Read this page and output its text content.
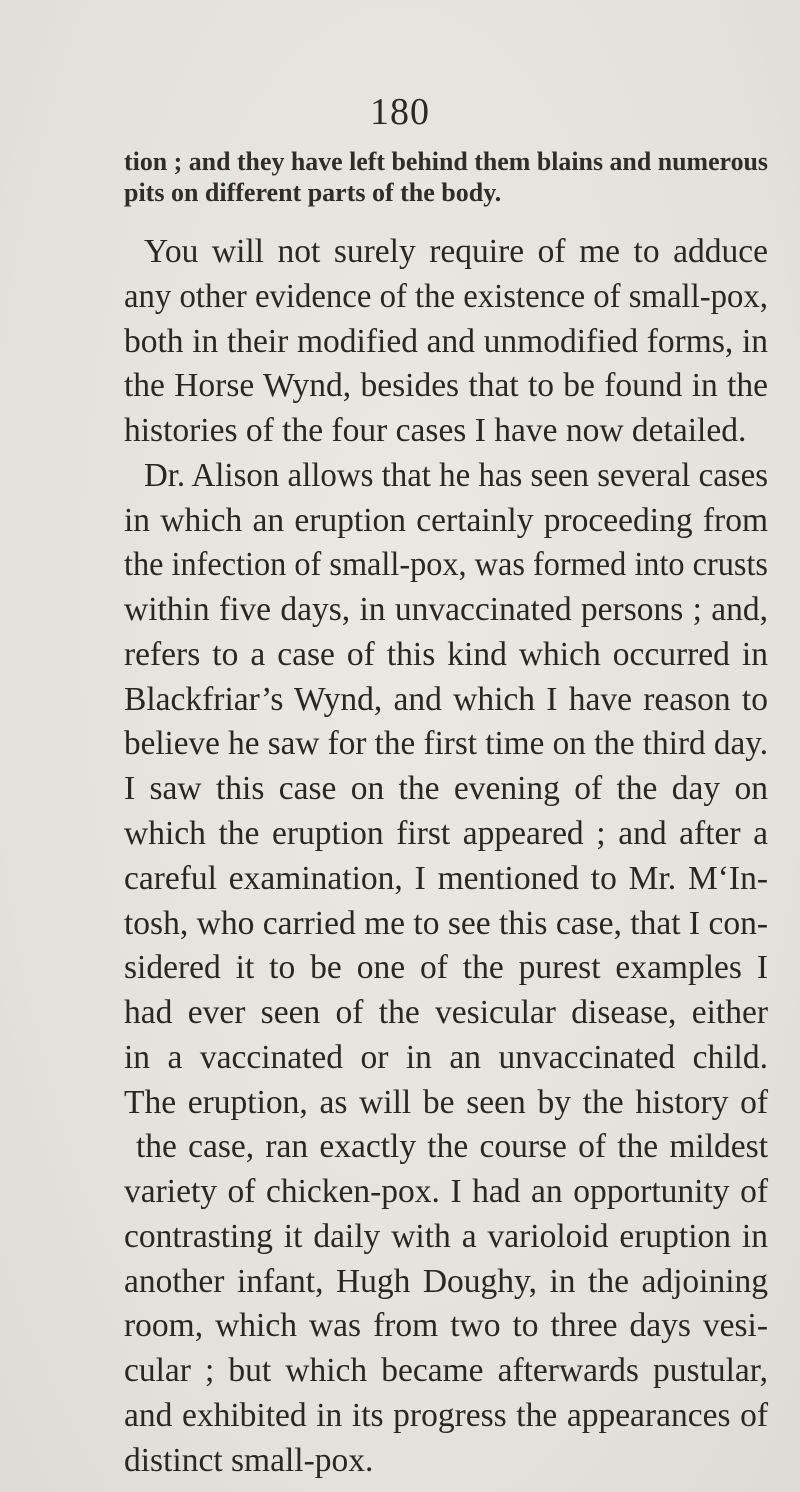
180
tion ; and they have left behind them blains and numerous
pits on different parts of the body.
You will not surely require of me to adduce
any other evidence of the existence of small-pox,
both in their modified and unmodified forms, in
the Horse Wynd, besides that to be found in the
histories of the four cases I have now detailed.
Dr. Alison allows that he has seen several cases
in which an eruption certainly proceeding from
the infection of small-pox, was formed into crusts
within five days, in unvaccinated persons ; and,
refers to a case of this kind which occurred in
Blackfriar’s Wynd, and which I have reason to
believe he saw for the first time on the third day.
I saw this case on the evening of the day on
which the eruption first appeared ; and after a
careful examination, I mentioned to Mr. M‘In-
tosh, who carried me to see this case, that I con-
sidered it to be one of the purest examples I
had ever seen of the vesicular disease, either
in a vaccinated or in an unvaccinated child.
The eruption, as will be seen by the history of
the case, ran exactly the course of the mildest
variety of chicken-pox. I had an opportunity of
contrasting it daily with a varioloid eruption in
another infant, Hugh Doughy, in the adjoining
room, which was from two to three days vesi-
cular ; but which became afterwards pustular,
and exhibited in its progress the appearances of
distinct small-pox.
